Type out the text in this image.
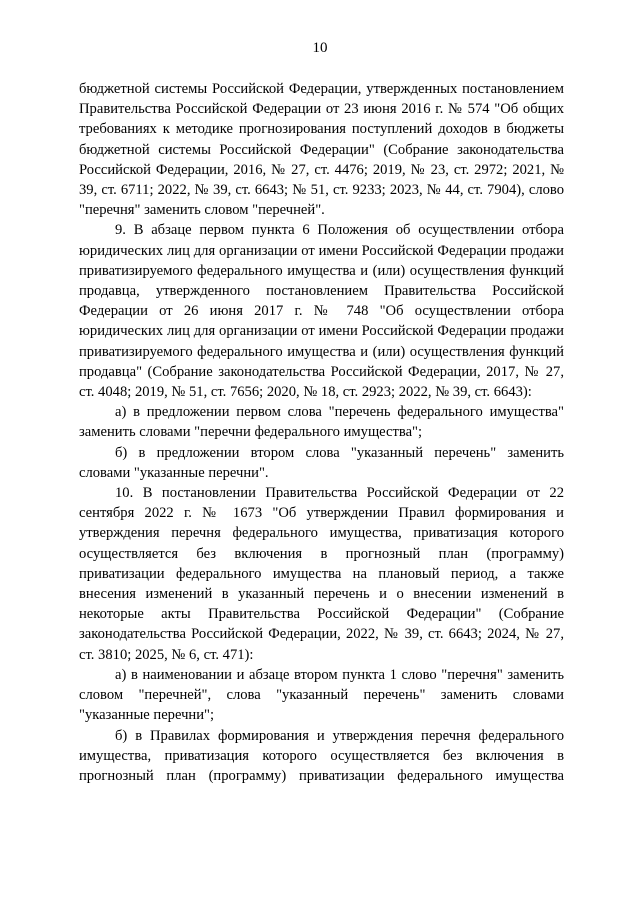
10

бюджетной системы Российской Федерации, утвержденных постановлением Правительства Российской Федерации от 23 июня 2016 г. № 574 "Об общих требованиях к методике прогнозирования поступлений доходов в бюджеты бюджетной системы Российской Федерации" (Собрание законодательства Российской Федерации, 2016, № 27, ст. 4476; 2019, № 23, ст. 2972; 2021, № 39, ст. 6711; 2022, № 39, ст. 6643; № 51, ст. 9233; 2023, № 44, ст. 7904), слово "перечня" заменить словом "перечней".

9. В абзаце первом пункта 6 Положения об осуществлении отбора юридических лиц для организации от имени Российской Федерации продажи приватизируемого федерального имущества и (или) осуществления функций продавца, утвержденного постановлением Правительства Российской Федерации от 26 июня 2017 г. № 748 "Об осуществлении отбора юридических лиц для организации от имени Российской Федерации продажи приватизируемого федерального имущества и (или) осуществления функций продавца" (Собрание законодательства Российской Федерации, 2017, № 27, ст. 4048; 2019, № 51, ст. 7656; 2020, № 18, ст. 2923; 2022, № 39, ст. 6643):

а) в предложении первом слова "перечень федерального имущества" заменить словами "перечни федерального имущества";

б) в предложении втором слова "указанный перечень" заменить словами "указанные перечни".

10. В постановлении Правительства Российской Федерации от 22 сентября 2022 г. № 1673 "Об утверждении Правил формирования и утверждения перечня федерального имущества, приватизация которого осуществляется без включения в прогнозный план (программу) приватизации федерального имущества на плановый период, а также внесения изменений в указанный перечень и о внесении изменений в некоторые акты Правительства Российской Федерации" (Собрание законодательства Российской Федерации, 2022, № 39, ст. 6643; 2024, № 27, ст. 3810; 2025, № 6, ст. 471):

а) в наименовании и абзаце втором пункта 1 слово "перечня" заменить словом "перечней", слова "указанный перечень" заменить словами "указанные перечни";

б) в Правилах формирования и утверждения перечня федерального имущества, приватизация которого осуществляется без включения в прогнозный план (программу) приватизации федерального имущества
